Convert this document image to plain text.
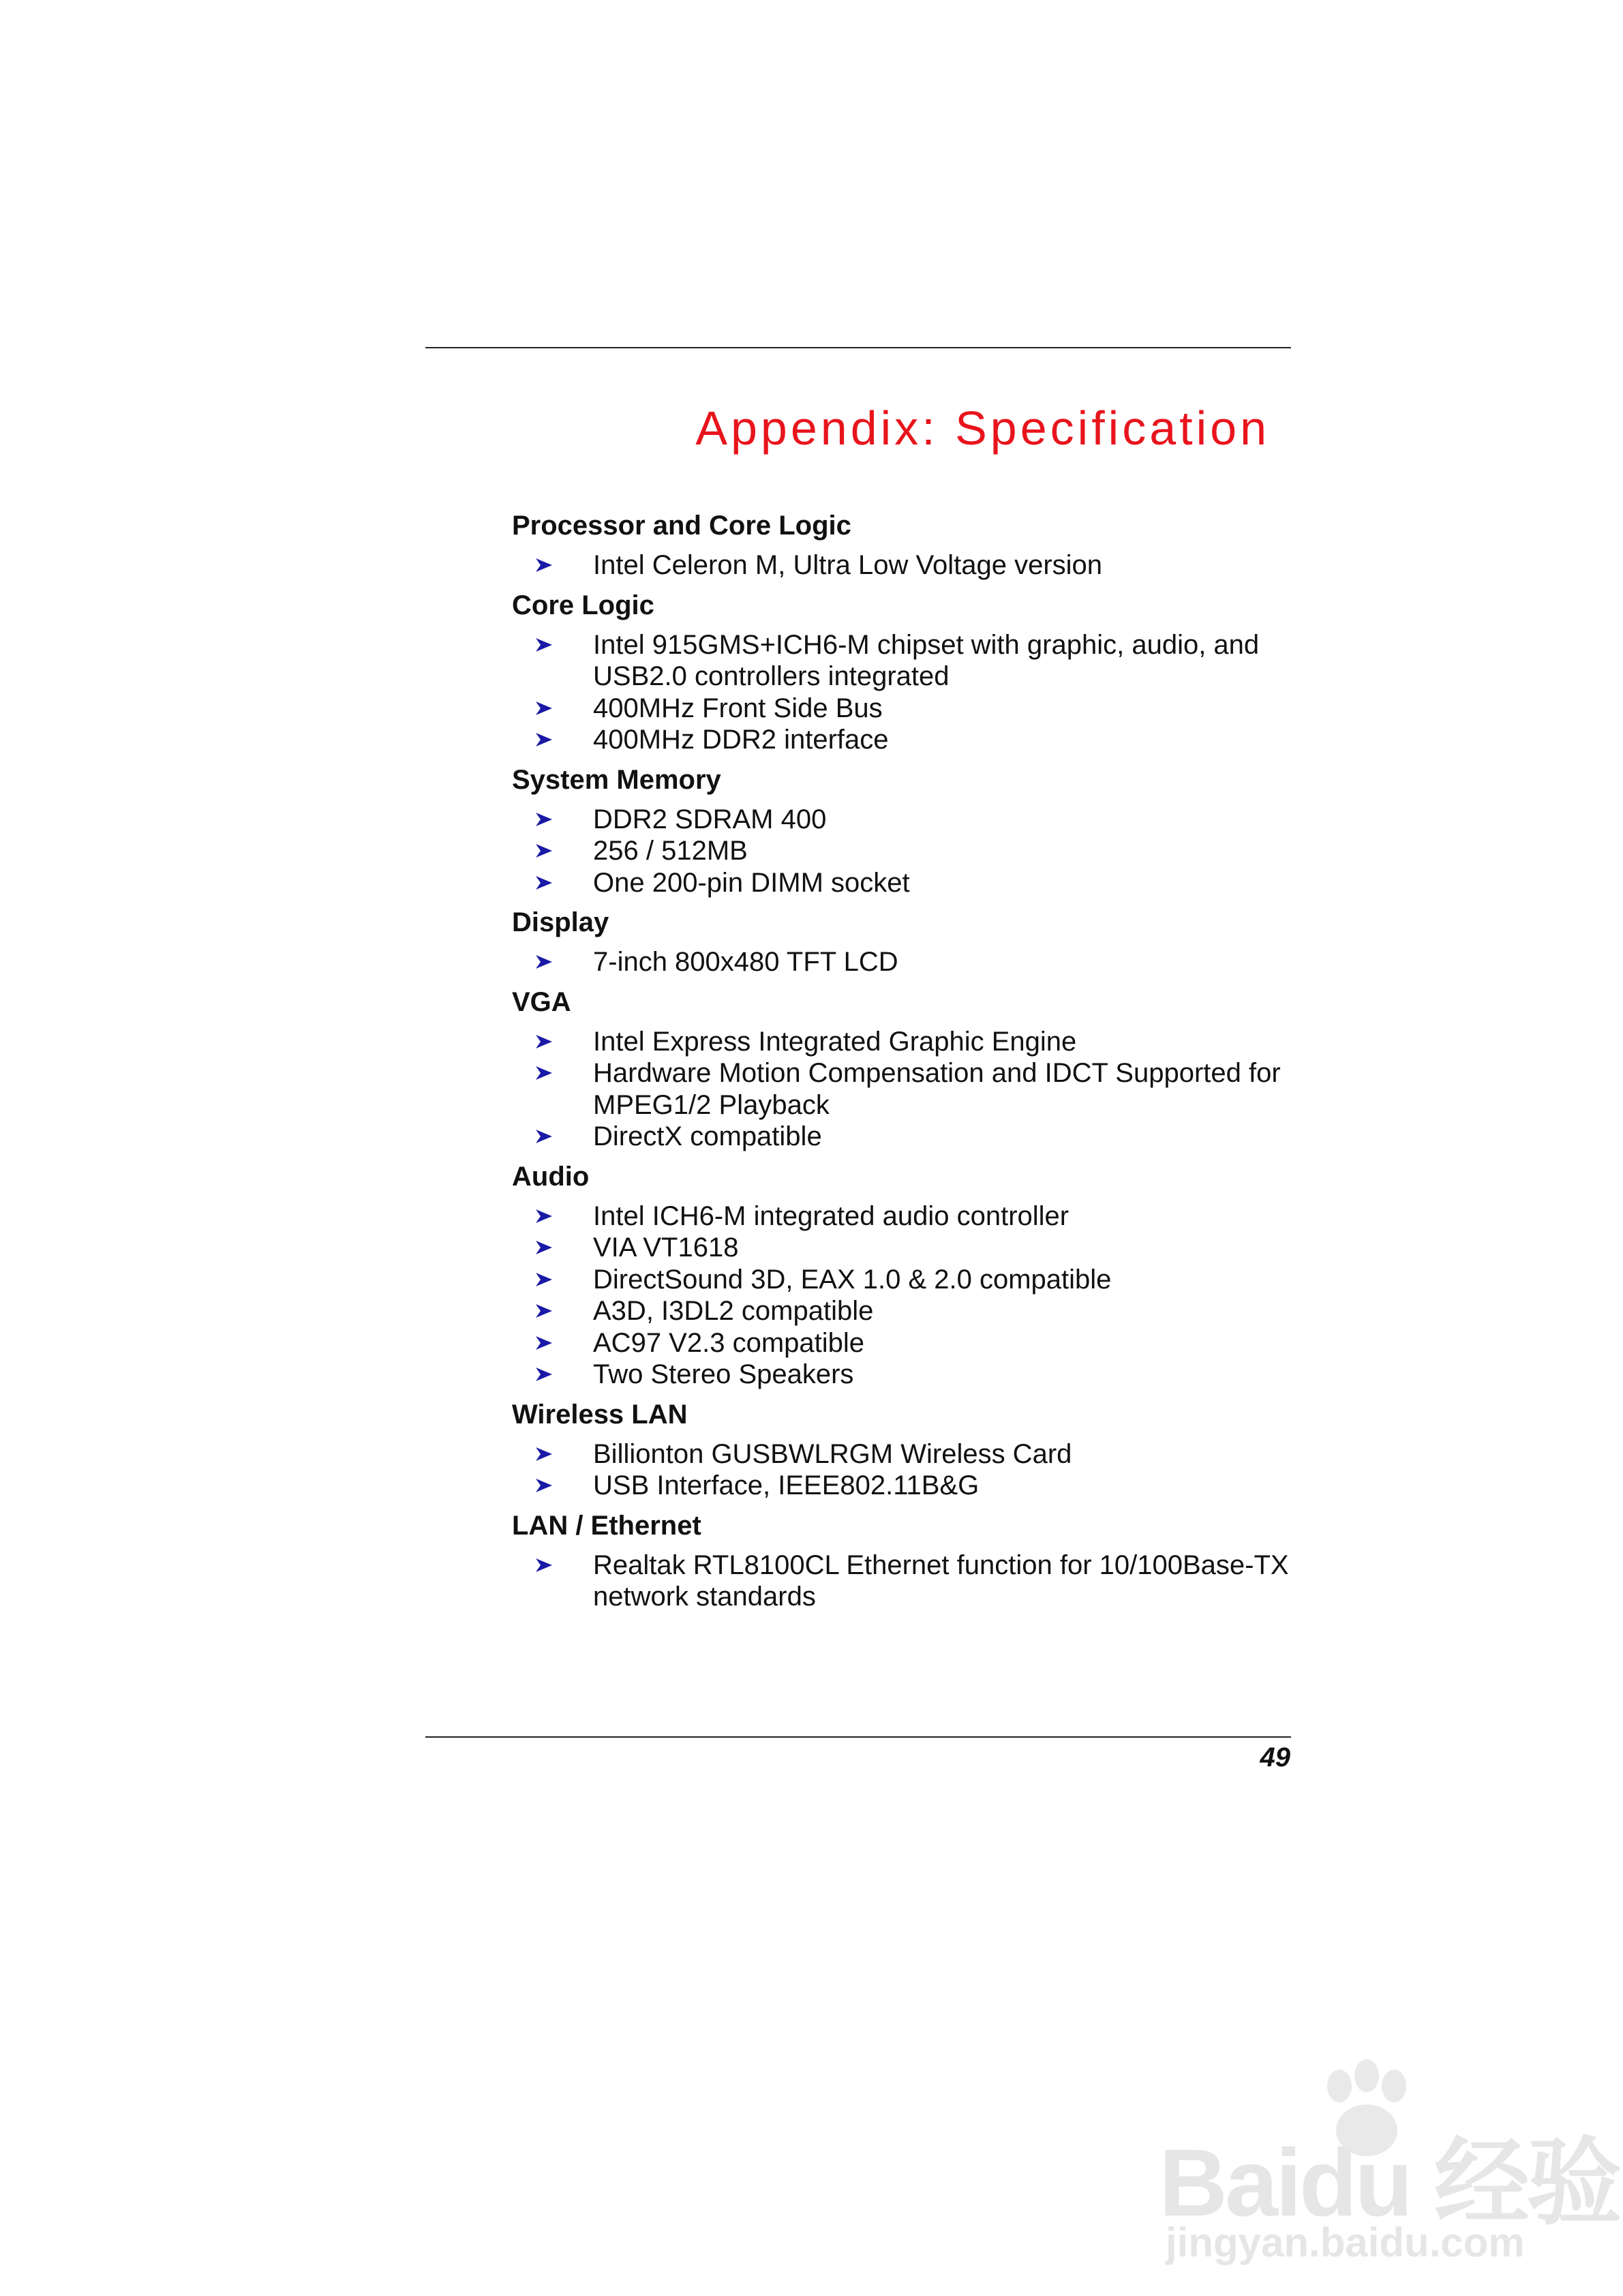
Appendix: Specification
Processor and Core Logic
Intel Celeron M, Ultra Low Voltage version
Core Logic
Intel 915GMS+ICH6-M chipset with graphic, audio, and USB2.0 controllers integrated
400MHz Front Side Bus
400MHz DDR2 interface
System Memory
DDR2 SDRAM 400
256 / 512MB
One 200-pin DIMM socket
Display
7-inch 800x480 TFT LCD
VGA
Intel Express Integrated Graphic Engine
Hardware Motion Compensation and IDCT Supported for MPEG1/2 Playback
DirectX compatible
Audio
Intel ICH6-M integrated audio controller
VIA VT1618
DirectSound 3D, EAX 1.0 & 2.0 compatible
A3D, I3DL2 compatible
AC97 V2.3 compatible
Two Stereo Speakers
Wireless LAN
Billionton GUSBWLRGM Wireless Card
USB Interface, IEEE802.11B&G
LAN / Ethernet
Realtak RTL8100CL Ethernet function for 10/100Base-TX network standards
49
Baidu 经验
jingyan.baidu.com
